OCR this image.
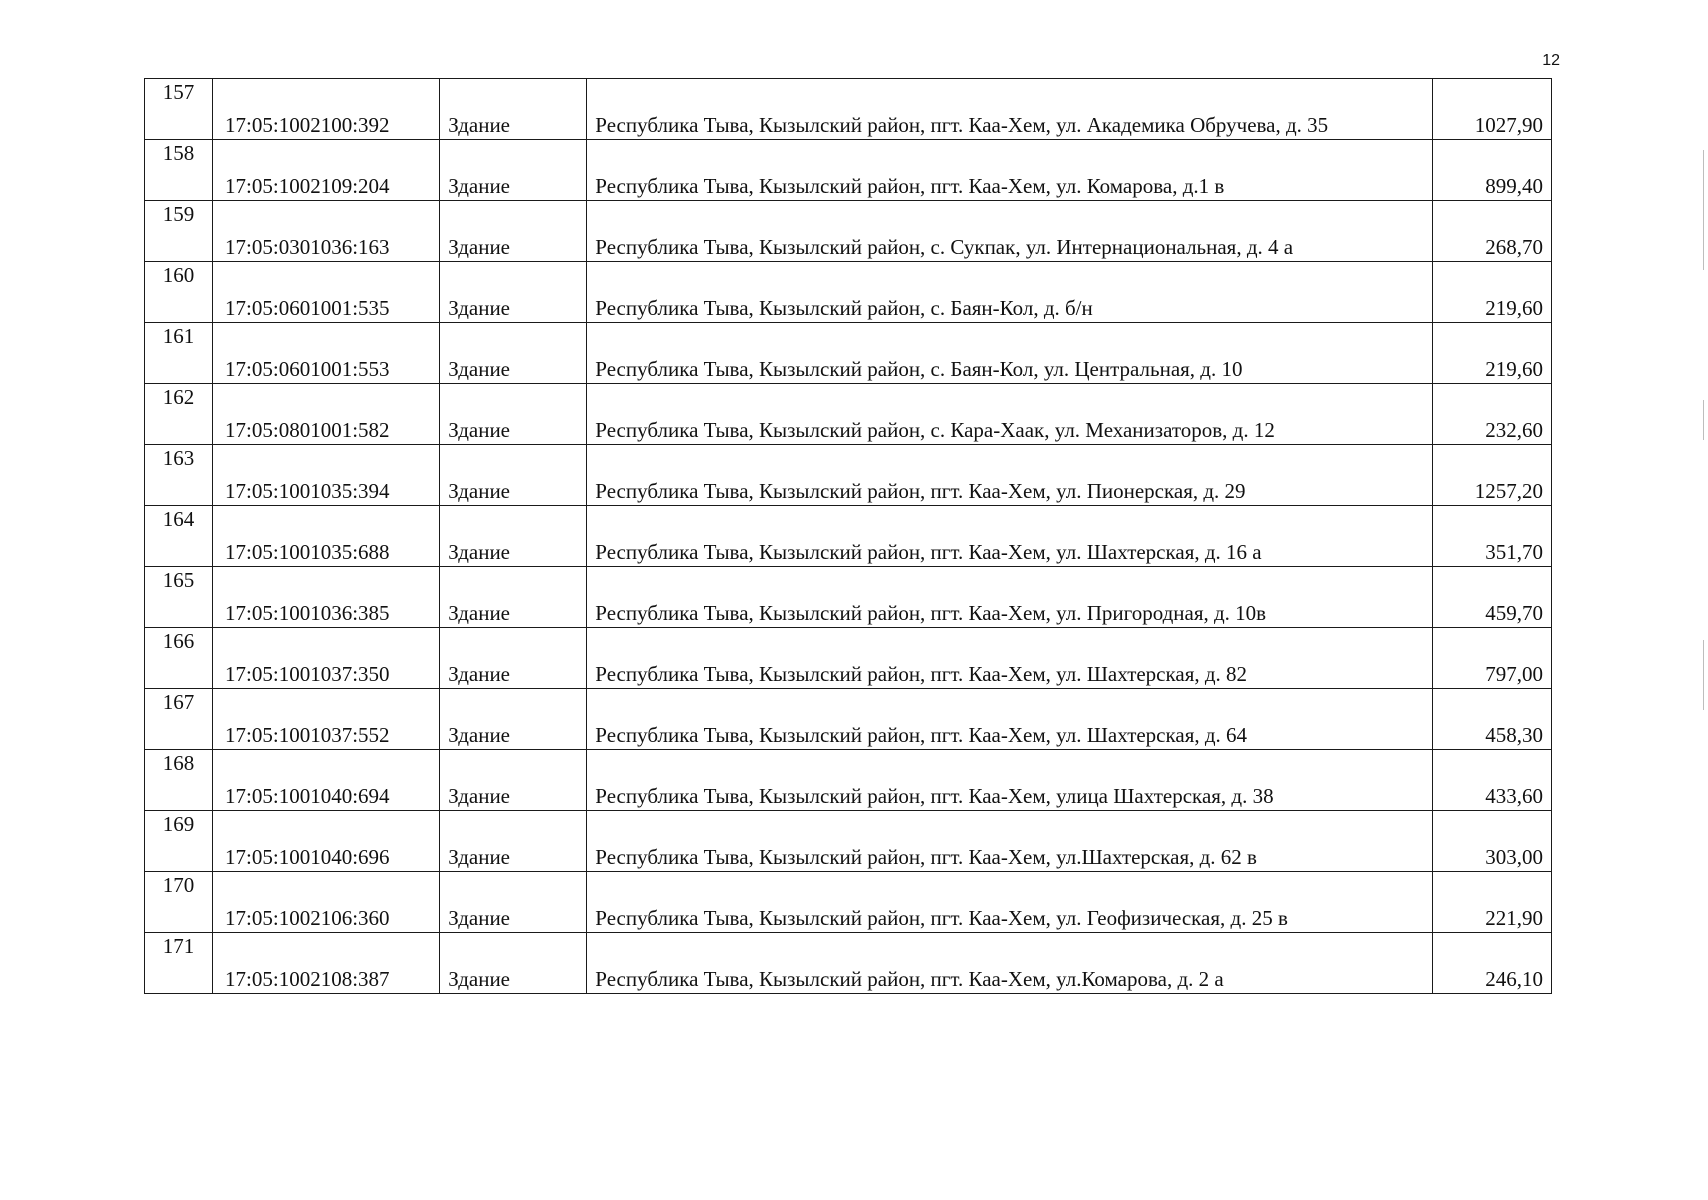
12
157	17:05:1002100:392	Здание	Республика Тыва, Кызылский район, пгт. Каа-Хем, ул. Академика Обручева, д. 35	1027,90
158	17:05:1002109:204	Здание	Республика Тыва, Кызылский район, пгт. Каа-Хем, ул. Комарова, д.1 в	899,40
159	17:05:0301036:163	Здание	Республика Тыва, Кызылский район, с. Сукпак, ул. Интернациональная, д. 4 а	268,70
160	17:05:0601001:535	Здание	Республика Тыва, Кызылский район, с. Баян-Кол, д. б/н	219,60
161	17:05:0601001:553	Здание	Республика Тыва, Кызылский район, с. Баян-Кол, ул. Центральная, д. 10	219,60
162	17:05:0801001:582	Здание	Республика Тыва, Кызылский район, с. Кара-Хаак, ул. Механизаторов, д. 12	232,60
163	17:05:1001035:394	Здание	Республика Тыва, Кызылский район, пгт. Каа-Хем, ул. Пионерская, д. 29	1257,20
164	17:05:1001035:688	Здание	Республика Тыва, Кызылский район, пгт. Каа-Хем, ул. Шахтерская, д. 16 а	351,70
165	17:05:1001036:385	Здание	Республика Тыва, Кызылский район, пгт. Каа-Хем, ул. Пригородная, д. 10в	459,70
166	17:05:1001037:350	Здание	Республика Тыва, Кызылский район, пгт. Каа-Хем, ул. Шахтерская, д. 82	797,00
167	17:05:1001037:552	Здание	Республика Тыва, Кызылский район, пгт. Каа-Хем, ул. Шахтерская, д. 64	458,30
168	17:05:1001040:694	Здание	Республика Тыва, Кызылский район, пгт. Каа-Хем, улица Шахтерская, д. 38	433,60
169	17:05:1001040:696	Здание	Республика Тыва, Кызылский район, пгт. Каа-Хем, ул.Шахтерская, д. 62 в	303,00
170	17:05:1002106:360	Здание	Республика Тыва, Кызылский район, пгт. Каа-Хем, ул. Геофизическая, д. 25 в	221,90
171	17:05:1002108:387	Здание	Республика Тыва, Кызылский район, пгт. Каа-Хем, ул.Комарова, д. 2 а	246,10
